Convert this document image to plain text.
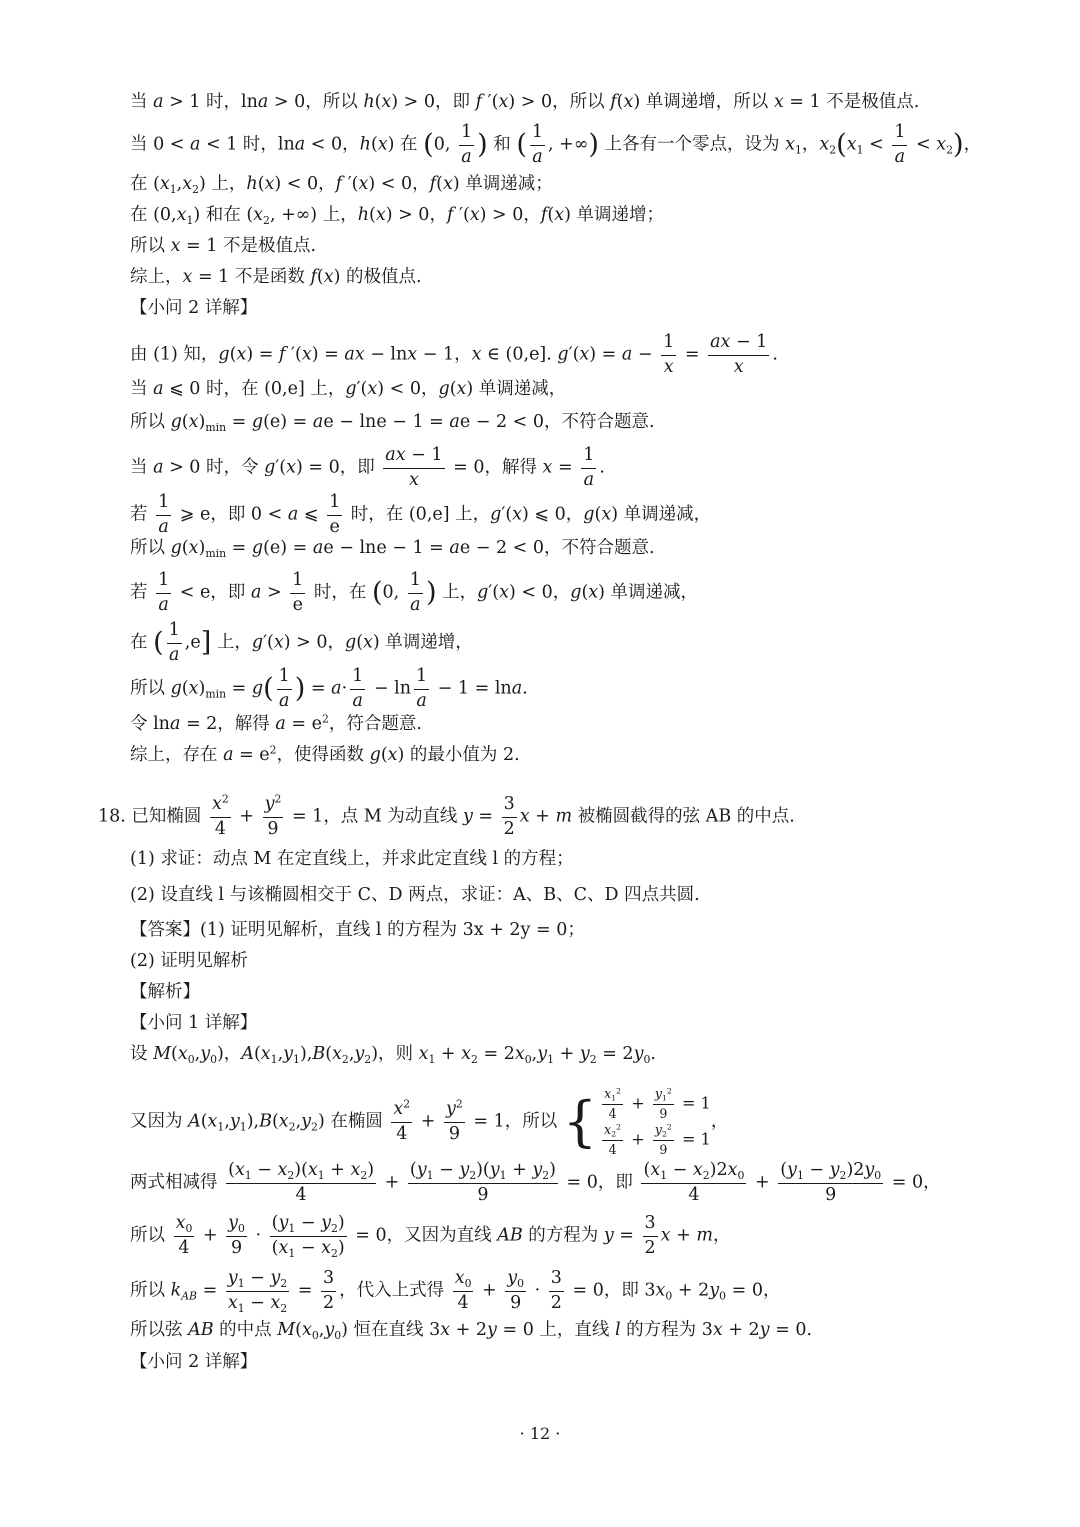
当 a > 1 时，lna > 0，所以 h(x) > 0，即 f ′(x) > 0，所以 f(x) 单调递增，所以 x = 1 不是极值点.
当 0 < a < 1 时，lna < 0，h(x) 在 (0, $\frac{1}{a}$ ) 和 ( $\frac{1}{a}$ , +∞) 上各有一个零点，设为 $x_1$，$x_2(x_1 < \frac{1}{a} < x_2)$，
在 $(x_1,x_2)$ 上，h(x) < 0，f ′(x) < 0，f(x) 单调递减；
在 $(0,x_1)$ 和在 ($x_2$, +∞) 上，h(x) > 0，f ′(x) > 0，f(x) 单调递增；
所以 x = 1 不是极值点.
综上，x = 1 不是函数 f(x) 的极值点.
【小问 2 详解】
由 (1) 知，g(x) = f ′(x) = ax − lnx − 1，x ∈ (0,e]. $g'(x) = a - \frac{1}{x} = \frac{ax - 1}{x}$ .
当 a ⩽ 0 时，在 (0,e] 上，g′(x) < 0，g(x) 单调递减，
所以 $g(x)_{min} = g(e)$ = ae − lne − 1 = ae − 2 < 0，不符合题意.
当 a > 0 时，令 g′(x) = 0，即 $\frac{ax - 1}{x} = 0$，解得 $x = \frac{1}{a}$ .
若 $\frac{1}{a}$ ⩾ e，即 0 < a ⩽ $\frac{1}{e}$ 时，在 (0,e] 上，g′(x) ⩽ 0，g(x) 单调递减，
所以 $g(x)_{min} = g(e)$ = ae − lne − 1 = ae − 2 < 0，不符合题意.
若 $\frac{1}{a} < e$，即 $a > \frac{1}{e}$ 时，在 (0, $\frac{1}{a}$ ) 上，g′(x) < 0，g(x) 单调递减，
在 ( $\frac{1}{a} ,e$] 上，g′(x) > 0，g(x) 单调递增，
所以 $g(x)_{min} = g( \frac{1}{a}$ ) = $a\cdot \frac{1}{a} - \ln \frac{1}{a} - 1 = \ln a$.
令 lna = 2，解得 $a = e^2$，符合题意.
综上，存在 $a = e^2$，使得函数 g(x) 的最小值为 2.
18. 已知椭圆 $\frac{x^2}{4} + \frac{y^2}{9} = 1$，点 M 为动直线 $y = \frac{3}{2}$ x + m 被椭圆截得的弦 AB 的中点.
(1) 求证：动点 M 在定直线上，并求此定直线 l 的方程；
(2) 设直线 l 与该椭圆相交于 C、D 两点，求证：A、B、C、D 四点共圆.
【答案】(1) 证明见解析，直线 l 的方程为 3x + 2y = 0；
(2) 证明见解析
【解析】
【小问 1 详解】
设 $M(x_0,y_0)$，$A(x_1,y_1),B(x_2,y_2)$，则 $x_1 + x_2 = 2x_0,y_1 + y_2 = 2y_0$.
又因为 $A(x_1,y_1),B(x_2,y_2)$ 在椭圆 $\frac{x^2}{4} + \frac{y^2}{9} = 1$，所以 { $\frac{x_1^2}{4} + \frac{y_1^2}{9} = 1$
$\frac{x_2^2}{4} + \frac{y_2^2}{9} = 1$
，
两式相减得 $\frac{(x_1 - x_2)(x_1 + x_2)}{4} + \frac{(y_1 - y_2)(y_1 + y_2)}{9} = 0$，即 $\frac{(x_1 - x_2)2x_0}{4} + \frac{(y_1 - y_2)2y_0}{9} = 0$，
所以 $\frac{x_0}{4} + \frac{y_0}{9} \cdot \frac{(y_1 - y_2)}{(x_1 - x_2)} = 0$，又因为直线 AB 的方程为 $y = \frac{3}{2}$ x + m，
所以 $k_{AB} = \frac{y_1 - y_2}{x_1 - x_2} = \frac{3}{2}$ ，代入上式得 $\frac{x_0}{4} + \frac{y_0}{9} \cdot \frac{3}{2} = 0$，即 $3x_0 + 2y_0 = 0$，
所以弦 AB 的中点 $M(x_0,y_0)$ 恒在直线 3x + 2y = 0 上，直线 l 的方程为 3x + 2y = 0.
【小问 2 详解】
· 12 ·
